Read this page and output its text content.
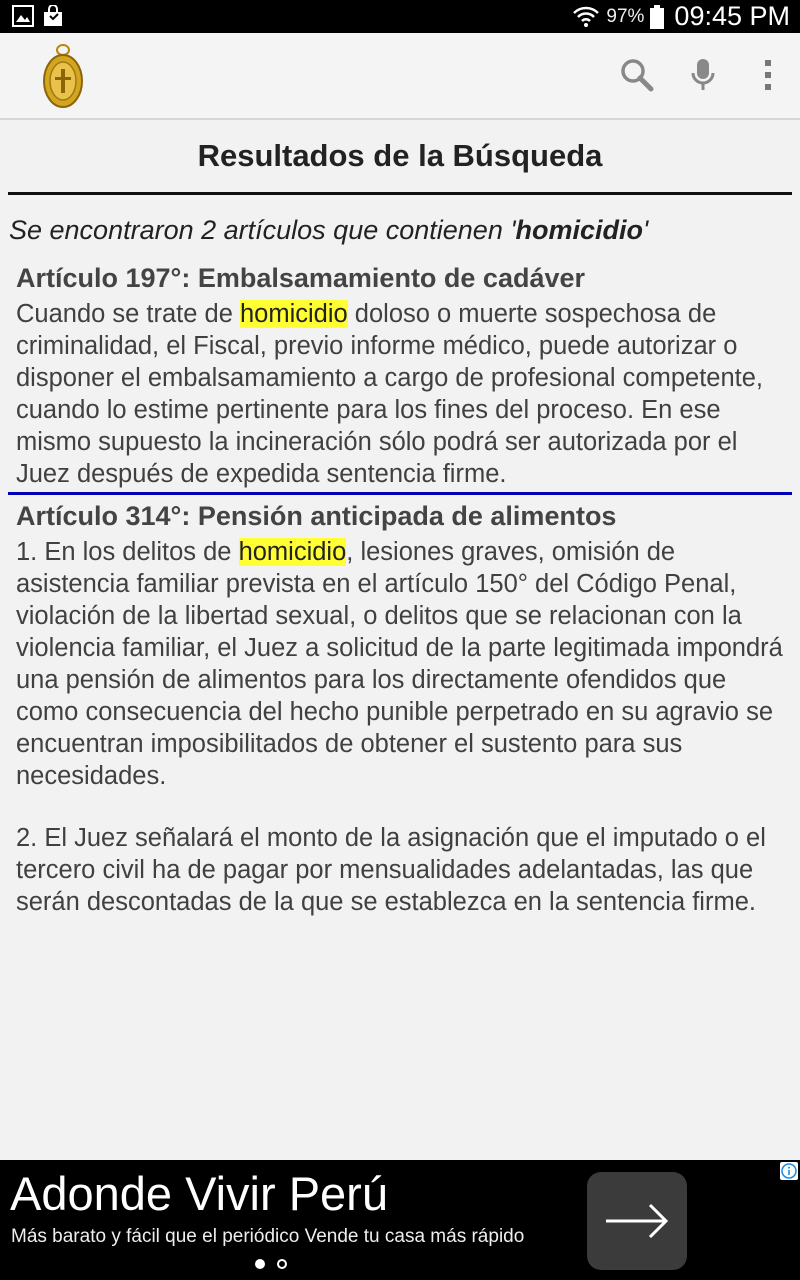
97% 09:45 PM
Resultados de la Búsqueda
Se encontraron 2 artículos que contienen 'homicidio'
Artículo 197°: Embalsamamiento de cadáver

Cuando se trate de homicidio doloso o muerte sospechosa de criminalidad, el Fiscal, previo informe médico, puede autorizar o disponer el embalsamamiento a cargo de profesional competente, cuando lo estime pertinente para los fines del proceso. En ese mismo supuesto la incineración sólo podrá ser autorizada por el Juez después de expedida sentencia firme.

Artículo 314°: Pensión anticipada de alimentos

1. En los delitos de homicidio, lesiones graves, omisión de asistencia familiar prevista en el artículo 150° del Código Penal, violación de la libertad sexual, o delitos que se relacionan con la violencia familiar, el Juez a solicitud de la parte legitimada impondrá una pensión de alimentos para los directamente ofendidos que como consecuencia del hecho punible perpetrado en su agravio se encuentran imposibilitados de obtener el sustento para sus necesidades.

2. El Juez señalará el monto de la asignación que el imputado o el tercero civil ha de pagar por mensualidades adelantadas, las que serán descontadas de la que se establezca en la sentencia firme.

Adonde Vivir Perú
Más barato y fácil que el periódico Vende tu casa más rápido
